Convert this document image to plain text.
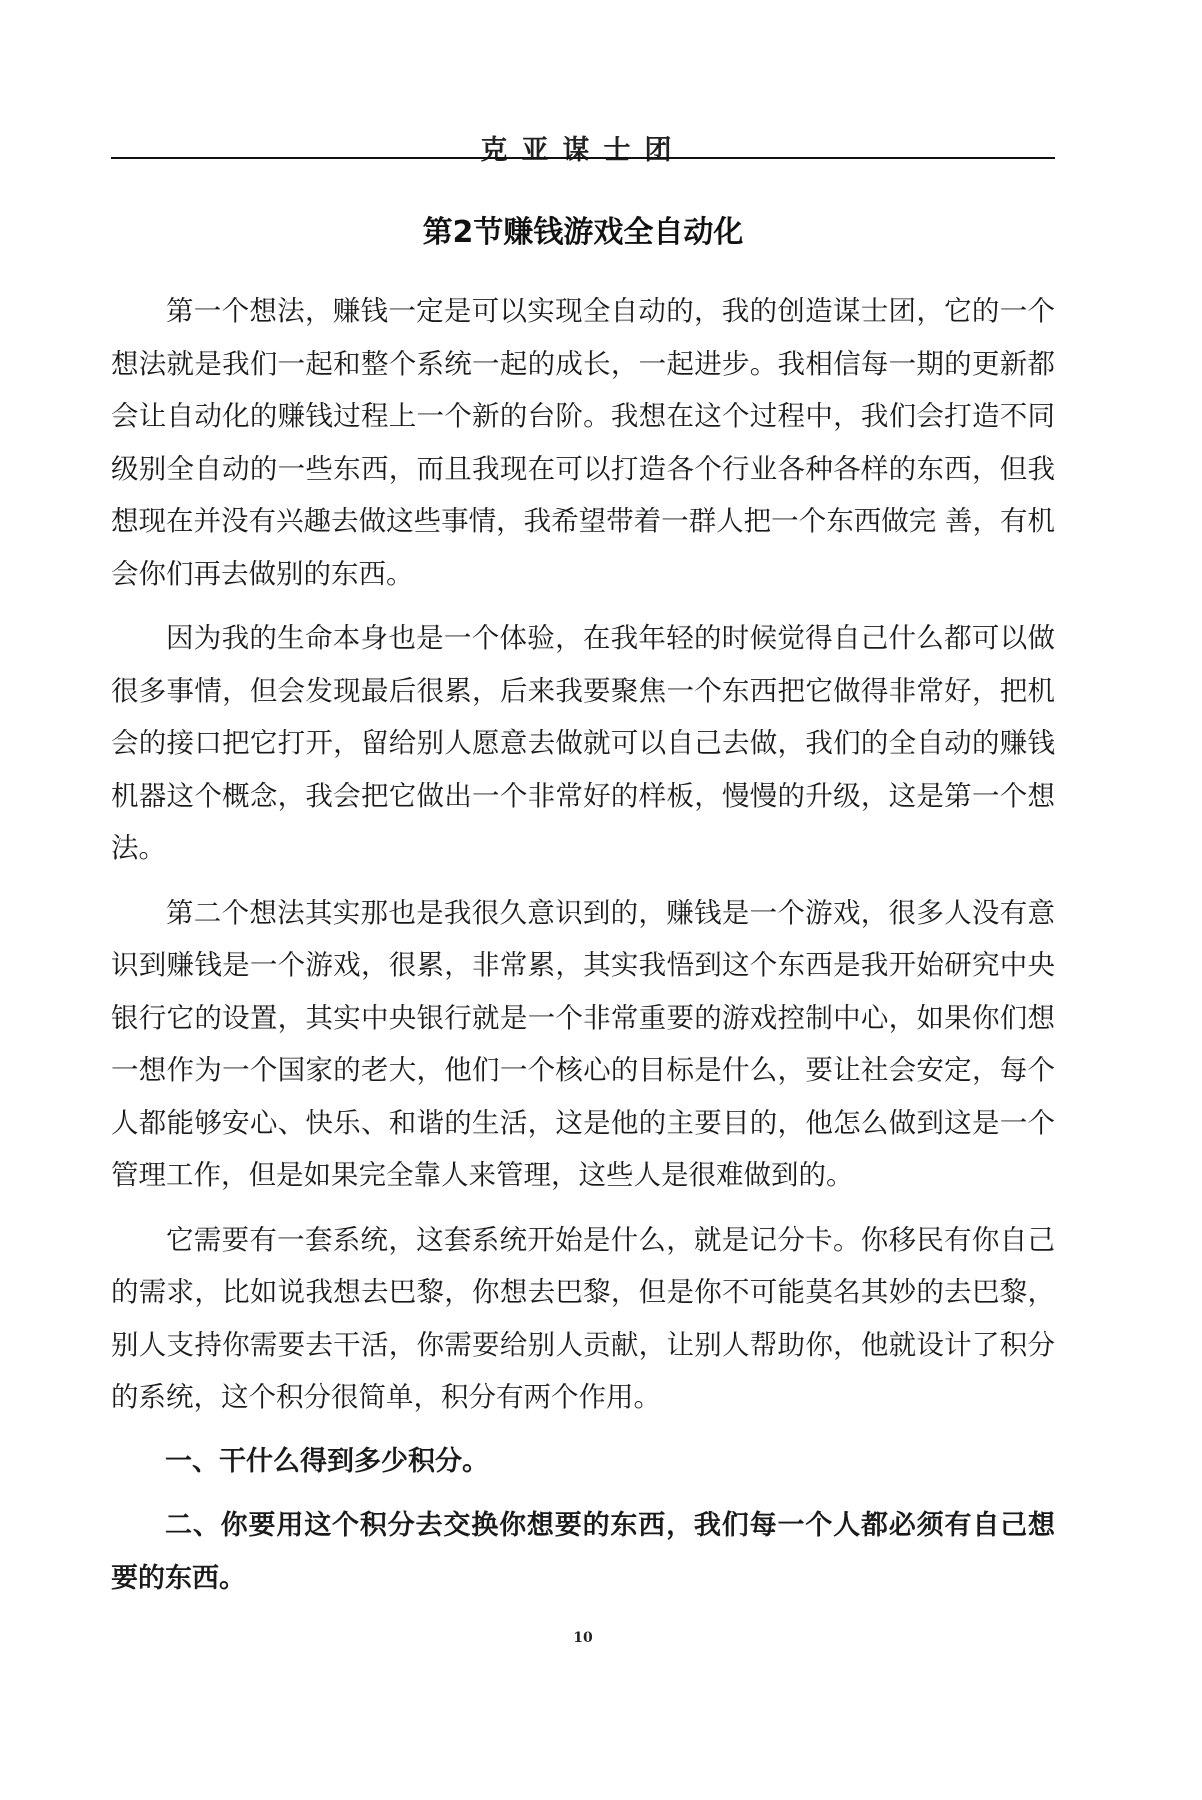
克亚谋士团
第2节赚钱游戏全自动化

第一个想法，赚钱一定是可以实现全自动的，我的创造谋士团，它的一个想法就是我们一起和整个系统一起的成长，一起进步。我相信每一期的更新都会让自动化的赚钱过程上一个新的台阶。我想在这个过程中，我们会打造不同级别全自动的一些东西，而且我现在可以打造各个行业各种各样的东西，但我想现在并没有兴趣去做这些事情，我希望带着一群人把一个东西做完 善，有机会你们再去做别的东西。

因为我的生命本身也是一个体验，在我年轻的时候觉得自己什么都可以做很多事情，但会发现最后很累，后来我要聚焦一个东西把它做得非常好，把机会的接口把它打开，留给别人愿意去做就可以自己去做，我们的全自动的赚钱机器这个概念，我会把它做出一个非常好的样板，慢慢的升级，这是第一个想法。

第二个想法其实那也是我很久意识到的，赚钱是一个游戏，很多人没有意识到赚钱是一个游戏，很累，非常累，其实我悟到这个东西是我开始研究中央银行它的设置，其实中央银行就是一个非常重要的游戏控制中心，如果你们想一想作为一个国家的老大，他们一个核心的目标是什么，要让社会安定，每个人都能够安心、快乐、和谐的生活，这是他的主要目的，他怎么做到这是一个管理工作，但是如果完全靠人来管理，这些人是很难做到的。

它需要有一套系统，这套系统开始是什么，就是记分卡。你移民有你自己的需求，比如说我想去巴黎，你想去巴黎，但是你不可能莫名其妙的去巴黎，别人支持你需要去干活，你需要给别人贡献，让别人帮助你，他就设计了积分的系统，这个积分很简单，积分有两个作用。

一、干什么得到多少积分。

二、你要用这个积分去交换你想要的东西，我们每一个人都必须有自己想要的东西。

10
